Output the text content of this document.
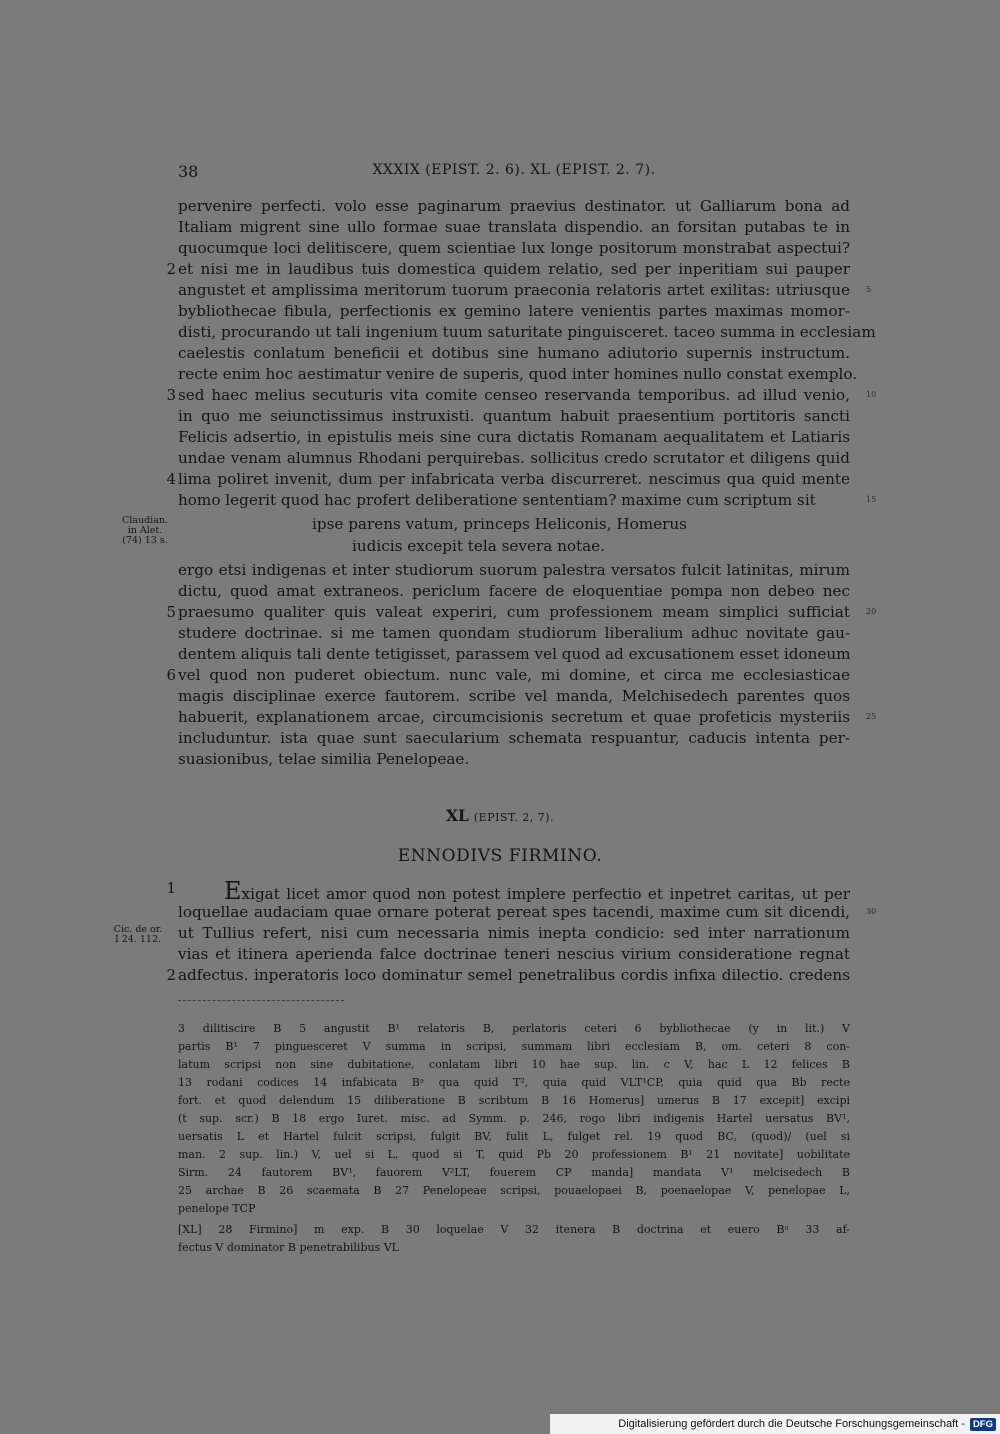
38	XXXIX (EPIST. 2. 6). XL (EPIST. 2. 7).
pervenire perfecti. volo esse paginarum praevius destinator. ut Galliarum bona ad
Italiam migrent sine ullo formae suae translata dispendio. an forsitan putabas te in
quocumque loci delitiscere, quem scientiae lux longe positorum monstrabat aspectui?
et nisi me in laudibus tuis domestica quidem relatio, sed per inperitiam sui pauper
angustet et amplissima meritorum tuorum praeconia relatoris artet exilitas: utriusque
bybliothecae fibula, perfectionis ex gemino latere venientis partes maximas momor-
disti, procurando ut tali ingenium tuum saturitate pinguisceret. taceo summa in ecclesiam
caelestis conlatum beneficii et dotibus sine humano adiutorio supernis instructum.
recte enim hoc aestimatur venire de superis, quod inter homines nullo constat exemplo.
sed haec melius secuturis vita comite censeo reservanda temporibus. ad illud venio,
in quo me seiunctissimus instruxisti. quantum habuit praesentium portitoris sancti
Felicis adsertio, in epistulis meis sine cura dictatis Romanam aequalitatem et Latiaris
undae venam alumnus Rhodani perquirebas. sollicitus credo scrutator et diligens quid
lima poliret invenit, dum per infabricata verba discurreret. nescimus qua quid mente
homo legerit quod hac profert deliberatione sententiam? maxime cum scriptum sit
ipse parens vatum, princeps Heliconis, Homerus
iudicis excepit tela severa notae.
ergo etsi indigenas et inter studiorum suorum palestra versatos fulcit latinitas, mirum
dictu, quod amat extraneos. periclum facere de eloquentiae pompa non debeo nec
praesumo qualiter quis valeat experiri, cum professionem meam simplici sufficiat
studere doctrinae. si me tamen quondam studiorum liberalium adhuc novitate gau-
dentem aliquis tali dente tetigisset, parassem vel quod ad excusationem esset idoneum
vel quod non puderet obiectum. nunc vale, mi domine, et circa me ecclesiasticae
magis disciplinae exerce fautorem. scribe vel manda, Melchisedech parentes quos
habuerit, explanationem arcae, circumcisionis secretum et quae profeticis mysteriis
includuntur. ista quae sunt saecularium schemata respuantur, caducis intenta per-
suasionibus, telae similia Penelopeae.
2
3
4
5
6
5
10
15
20
25
30
Claudian.
in Alet.
(74) 13 s.
Cic. de or.
I 24. 112.
XL (EPIST. 2, 7).
ENNODIVS FIRMINO.
1 Exigat licet amor quod non potest implere perfectio et inpetret caritas, ut per
loquellae audaciam quae ornare poterat pereat spes tacendi, maxime cum sit dicendi,
ut Tullius refert, nisi cum necessaria nimis inepta condicio: sed inter narrationum
vias et itinera aperienda falce doctrinae teneri nescius virium consideratione regnat
2 adfectus. inperatoris loco dominatur semel penetralibus cordis infixa dilectio. credens
3 dilitiscire B 5 angustit B¹ relatoris B, perlatoris ceteri 6 bybliothecae (y in lit.) V
partis B¹ 7 pinguesceret V summa in scripsi, summam libri ecclesiam B, om. ceteri 8 con-
latum scripsi non sine dubitatione, conlatam libri 10 hae sup. lin. c V, hac L 12 felices B
13 rodani codices 14 infabicata Bᵃ qua quid T², quia quid VLT¹CP, quia quid qua Bb recte
fort. et quod delendum 15 diliberatione B scribtum B 16 Homerus] umerus B 17 excepit] excipi
(t sup. scr.) B 18 ergo Iuret. misc. ad Symm. p. 246, rogo libri indigenis Hartel uersatus BV¹,
uersatis L et Hartel fulcit scripsi, fulgit BV, fulit L, fulget rel. 19 quod BC, (quod)/ (uel si
man. 2 sup. lin.) V, uel si L, quod si T, quid Pb 20 professionem B¹ 21 novitate] uobilitate
Sirm. 24 fautorem BV¹, fauorem V²LT, fouerem CP manda] mandata V¹ melcisedech B
25 archae B 26 scaemata B 27 Penelopeae scripsi, pouaelopaei B, poenaelopae V, penelopae L,
penelope TCP
[XL] 28 Firmino] m exp. B 30 loquelae V 32 itenera B doctrina et euero Bᵃ 33 af-
fectus V dominator B penetrabilibus VL
Digitalisierung gefördert durch die Deutsche Forschungsgemeinschaft - DFG
